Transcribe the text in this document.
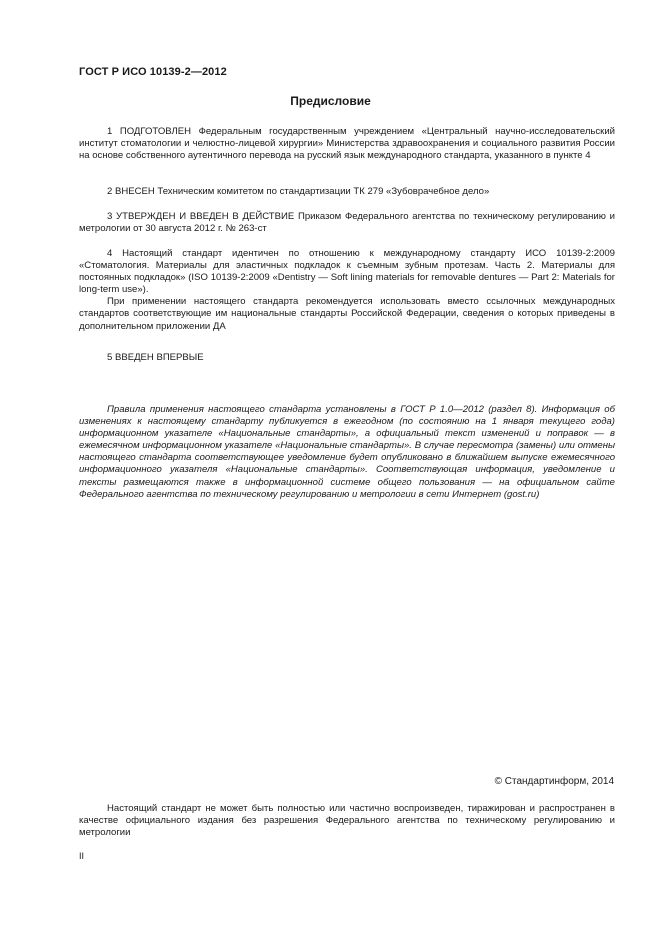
ГОСТ Р ИСО 10139-2—2012
Предисловие
1 ПОДГОТОВЛЕН Федеральным государственным учреждением «Центральный научно-исследовательский институт стоматологии и челюстно-лицевой хирургии» Министерства здравоохранения и социального развития России на основе собственного аутентичного перевода на русский язык международного стандарта, указанного в пункте 4
2 ВНЕСЕН Техническим комитетом по стандартизации ТК 279 «Зубоврачебное дело»
3 УТВЕРЖДЕН И ВВЕДЕН В ДЕЙСТВИЕ Приказом Федерального агентства по техническому регулированию и метрологии от 30 августа 2012 г. № 263-ст
4 Настоящий стандарт идентичен по отношению к международному стандарту ИСО 10139-2:2009 «Стоматология. Материалы для эластичных подкладок к съемным зубным протезам. Часть 2. Материалы для постоянных подкладок» (ISO 10139-2:2009 «Dentistry — Soft lining materials for removable dentures — Part 2: Materials for long-term use»).
При применении настоящего стандарта рекомендуется использовать вместо ссылочных международных стандартов соответствующие им национальные стандарты Российской Федерации, сведения о которых приведены в дополнительном приложении ДА
5 ВВЕДЕН ВПЕРВЫЕ
Правила применения настоящего стандарта установлены в ГОСТ Р 1.0—2012 (раздел 8). Информация об изменениях к настоящему стандарту публикуется в ежегодном (по состоянию на 1 января текущего года) информационном указателе «Национальные стандарты», а официальный текст изменений и поправок — в ежемесячном информационном указателе «Национальные стандарты». В случае пересмотра (замены) или отмены настоящего стандарта соответствующее уведомление будет опубликовано в ближайшем выпуске ежемесячного информационного указателя «Национальные стандарты». Соответствующая информация, уведомление и тексты размещаются также в информационной системе общего пользования — на официальном сайте Федерального агентства по техническому регулированию и метрологии в сети Интернет (gost.ru)
© Стандартинформ, 2014
Настоящий стандарт не может быть полностью или частично воспроизведен, тиражирован и распространен в качестве официального издания без разрешения Федерального агентства по техническому регулированию и метрологии
II
